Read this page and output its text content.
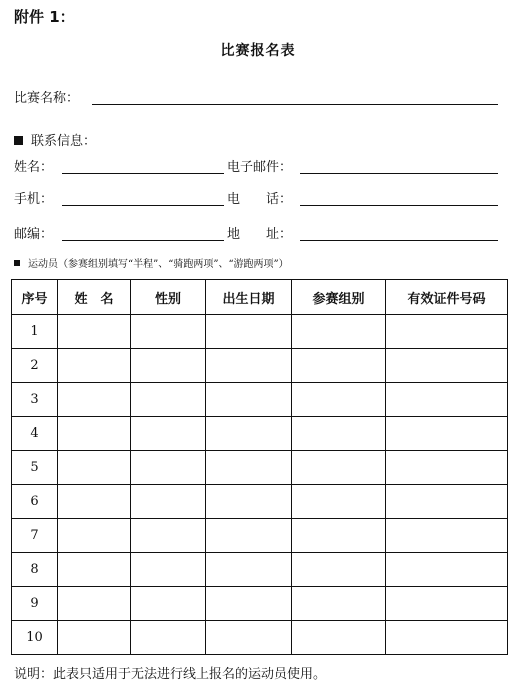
附件 1：
比赛报名表
比赛名称：
联系信息：
姓名：	电子邮件：
手机：	电　　话：
邮编：	地　　址：
运动员（参赛组别填写“半程”、“骑跑两项”、“游跑两项”）
序号	姓　名	性别	出生日期	参赛组别	有效证件号码
1					
2					
3					
4					
5					
6					
7					
8					
9					
10					
说明：此表只适用于无法进行线上报名的运动员使用。
